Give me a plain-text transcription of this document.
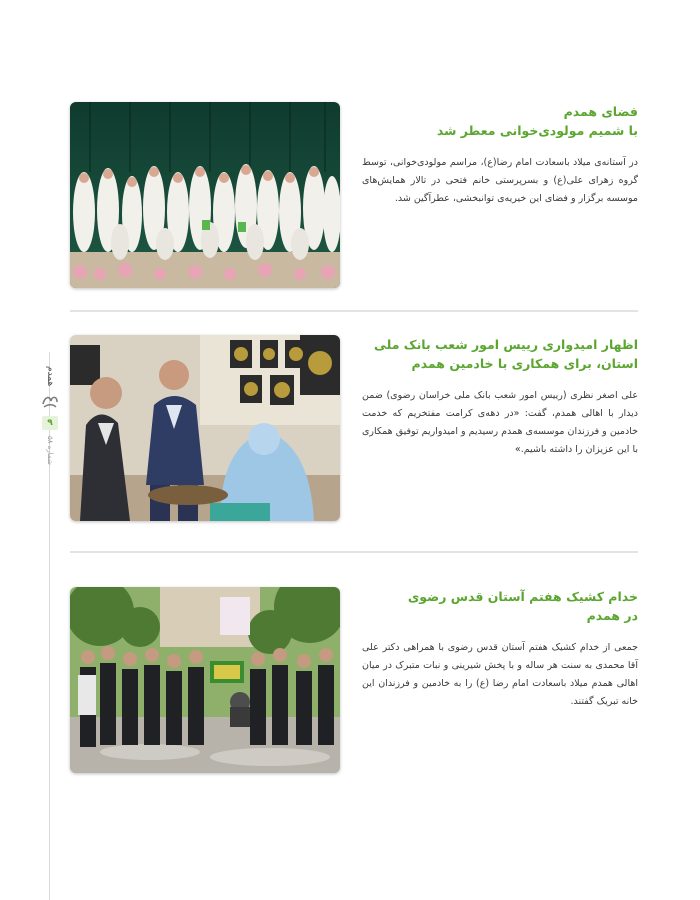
همدم
۹
شماره ۵۸
فضای همدم
با شمیم مولودی‌خوانی معطر شد

در آستانه‌ی میلاد باسعادت امام رضا(ع)، مراسم مولودی‌خوانی، توسط گروه زهرای علی(ع) و بسرپرستی خانم فتحی در تالار همایش‌های موسسه برگزار و فضای این خیریه‌ی توانبخشی، عطرآگین شد.

اظهار امیدواری رییس امور شعب بانک ملی
استان، برای همکاری با خادمین همدم

علی اصغر نظری (رییس امور شعب بانک ملی خراسان رضوی) ضمن دیدار با اهالی همدم، گفت: «در دهه‌ی کرامت مفتخریم که خدمت خادمین و فرزندان موسسه‌ی همدم رسیدیم و امیدواریم توفیق همکاری با این عزیزان را داشته باشیم.»

خدام کشیک هفتم آستان قدس رضوی
در همدم

جمعی از خدام کشیک هفتم آستان قدس رضوی با همراهی دکتر علی آقا محمدی به سنت هر ساله و با پخش شیرینی و نبات متبرک در میان اهالی همدم میلاد باسعادت امام رضا (ع) را به خادمین و فرزندان این خانه تبریک گفتند.
